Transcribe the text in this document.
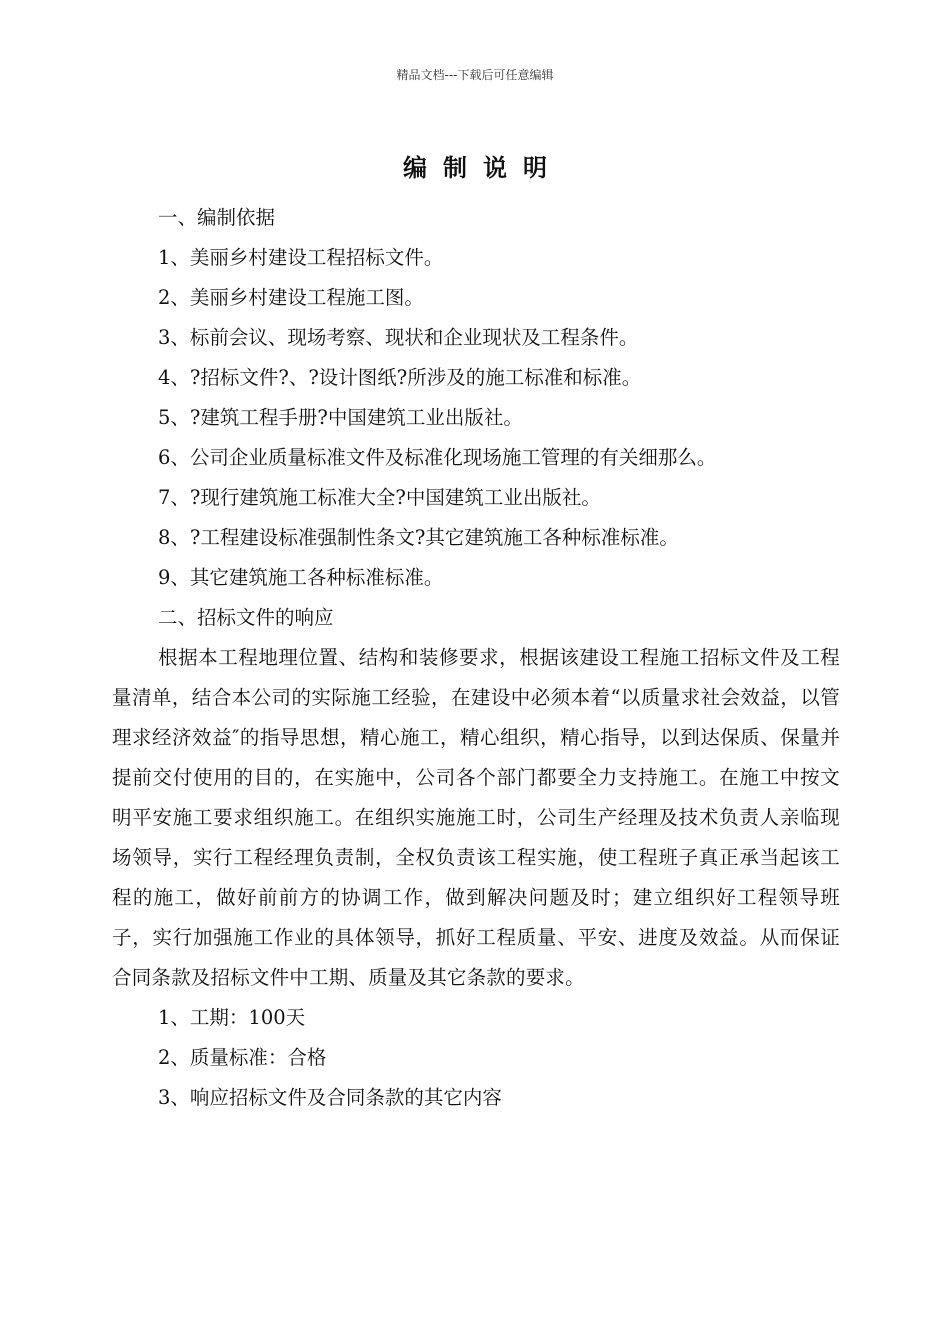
精品文档---下载后可任意编辑
编制说明
一、编制依据
1、美丽乡村建设工程招标文件。
2、美丽乡村建设工程施工图。
3、标前会议、现场考察、现状和企业现状及工程条件。
4、?招标文件?、?设计图纸?所涉及的施工标准和标准。
5、?建筑工程手册?中国建筑工业出版社。
6、公司企业质量标准文件及标准化现场施工管理的有关细那么。
7、?现行建筑施工标准大全?中国建筑工业出版社。
8、?工程建设标准强制性条文?其它建筑施工各种标准标准。
9、其它建筑施工各种标准标准。
二、招标文件的响应
根据本工程地理位置、结构和装修要求，根据该建设工程施工招标文件及工程量清单，结合本公司的实际施工经验，在建设中必须本着“以质量求社会效益，以管理求经济效益″的指导思想，精心施工，精心组织，精心指导，以到达保质、保量并提前交付使用的目的，在实施中，公司各个部门都要全力支持施工。在施工中按文明平安施工要求组织施工。在组织实施施工时，公司生产经理及技术负责人亲临现场领导，实行工程经理负责制，全权负责该工程实施，使工程班子真正承当起该工程的施工，做好前前方的协调工作，做到解决问题及时；建立组织好工程领导班子，实行加强施工作业的具体领导，抓好工程质量、平安、进度及效益。从而保证合同条款及招标文件中工期、质量及其它条款的要求。
1、工期：100天
2、质量标准：合格
3、响应招标文件及合同条款的其它内容
